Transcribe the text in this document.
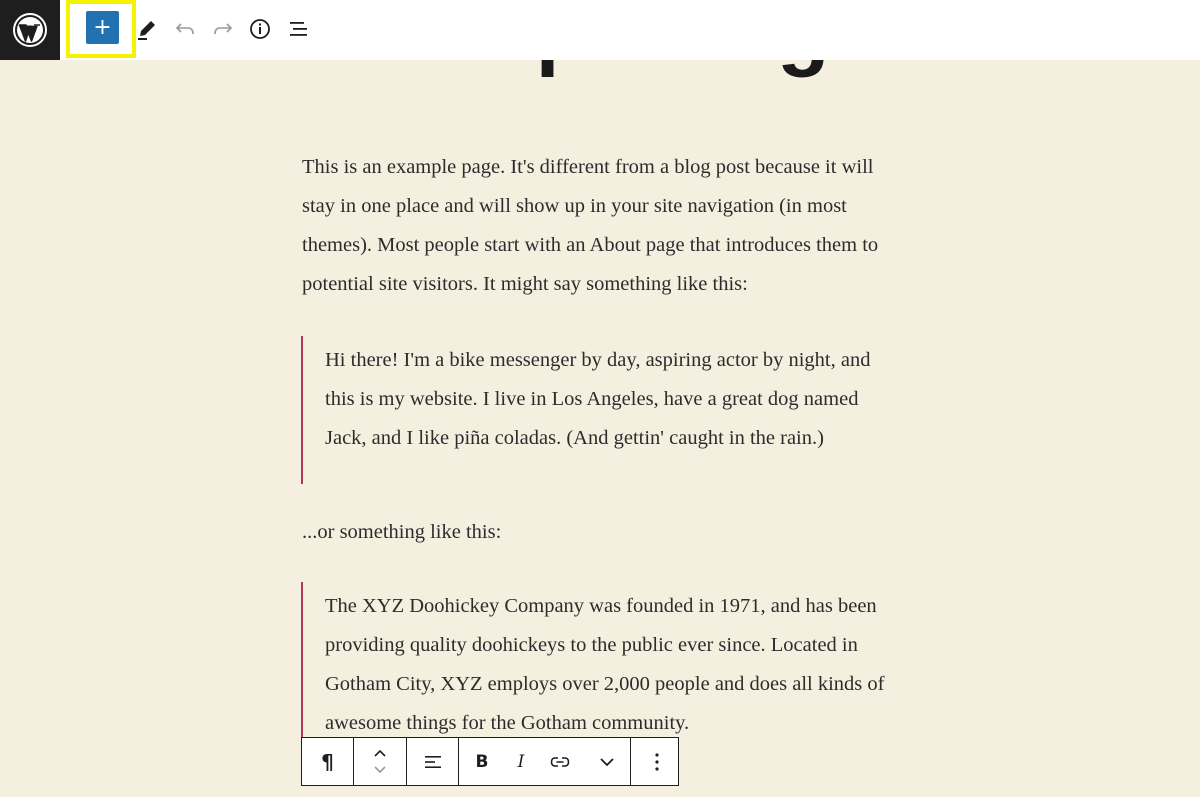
+
This is an example page. It's different from a blog post because it will
stay in one place and will show up in your site navigation (in most
themes). Most people start with an About page that introduces them to
potential site visitors. It might say something like this:
Hi there! I'm a bike messenger by day, aspiring actor by night, and
this is my website. I live in Los Angeles, have a great dog named
Jack, and I like piña coladas. (And gettin' caught in the rain.)
...or something like this:
The XYZ Doohickey Company was founded in 1971, and has been
providing quality doohickeys to the public ever since. Located in
Gotham City, XYZ employs over 2,000 people and does all kinds of
awesome things for the Gotham community.
¶	B	I
